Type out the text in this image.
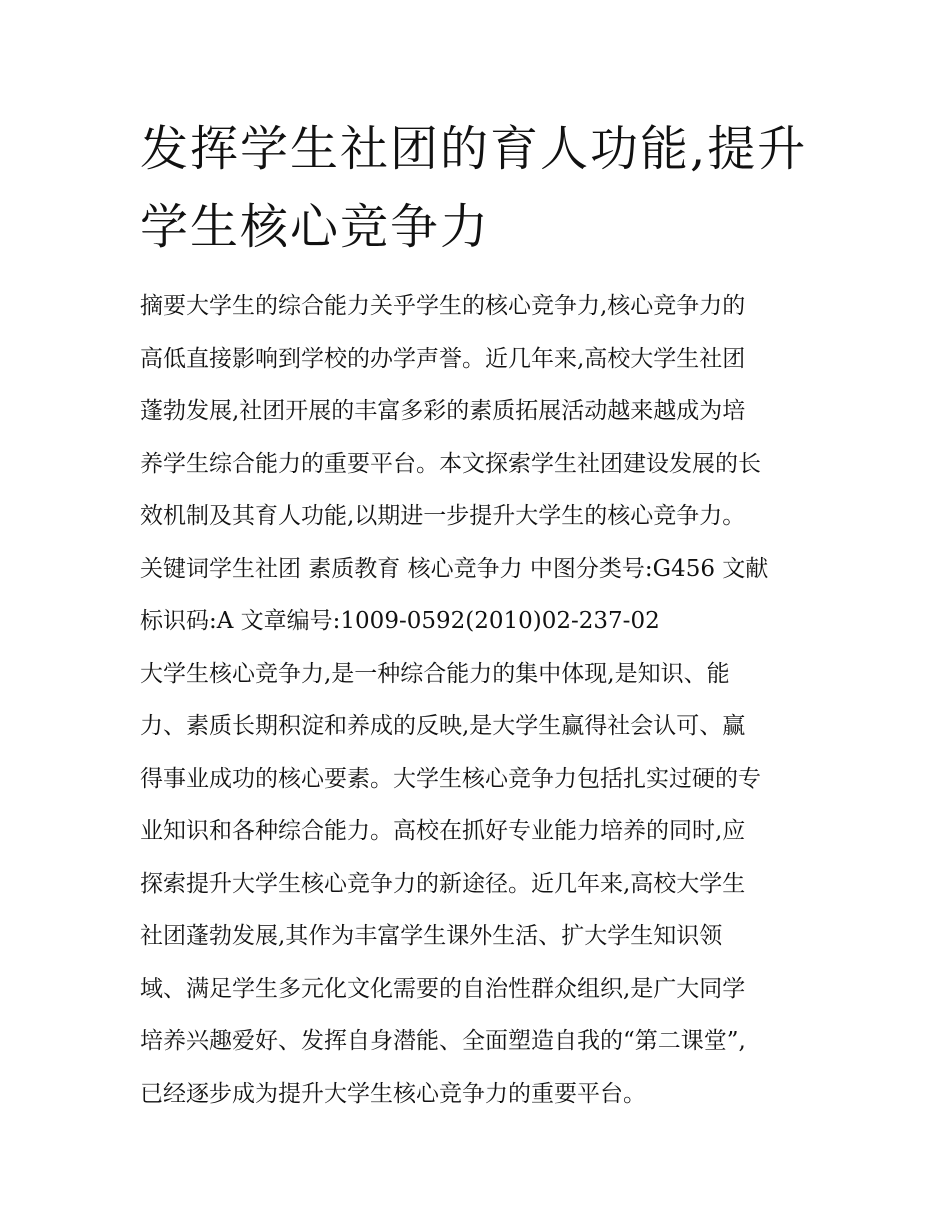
发挥学生社团的育人功能,提升
学生核心竞争力
摘要大学生的综合能力关乎学生的核心竞争力,核心竞争力的
高低直接影响到学校的办学声誉。近几年来,高校大学生社团
蓬勃发展,社团开展的丰富多彩的素质拓展活动越来越成为培
养学生综合能力的重要平台。本文探索学生社团建设发展的长
效机制及其育人功能,以期进一步提升大学生的核心竞争力。
关键词学生社团 素质教育 核心竞争力 中图分类号:G456 文献
标识码:A 文章编号:1009-0592(2010)02-237-02
大学生核心竞争力,是一种综合能力的集中体现,是知识、能
力、素质长期积淀和养成的反映,是大学生赢得社会认可、赢
得事业成功的核心要素。大学生核心竞争力包括扎实过硬的专
业知识和各种综合能力。高校在抓好专业能力培养的同时,应
探索提升大学生核心竞争力的新途径。近几年来,高校大学生
社团蓬勃发展,其作为丰富学生课外生活、扩大学生知识领
域、满足学生多元化文化需要的自治性群众组织,是广大同学
培养兴趣爱好、发挥自身潜能、全面塑造自我的“第二课堂”,
已经逐步成为提升大学生核心竞争力的重要平台。
